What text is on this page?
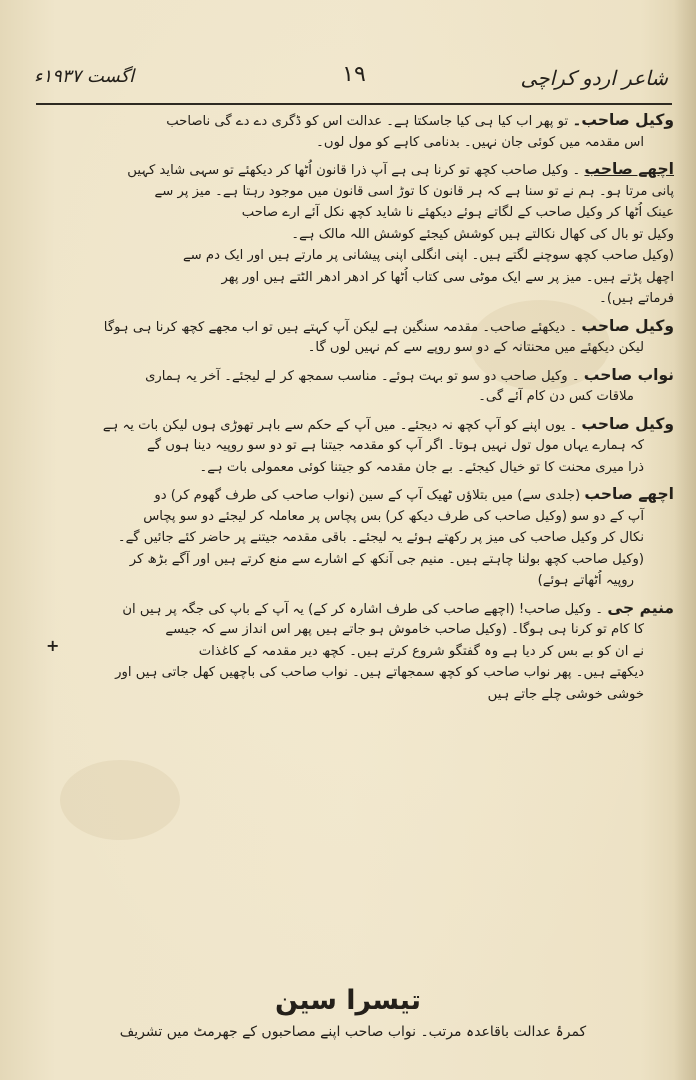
شاعر اردو کراچی
۱۹
اگست ۱۹۳۷ء
وکیل صاحب۔ تو پھر اب کیا ہی کیا جاسکتا ہے۔ عدالت اس کو ڈگری دے دے گی ناصاحب
اس مقدمہ میں کوئی جان نہیں۔ بدنامی کاہے کو مول لوں۔
اچھے صاحب ۔ وکیل صاحب کچھ تو کرنا ہی ہے آپ ذرا قانون اُٹھا کر دیکھئے تو سہی شاید کہیں
پانی مرتا ہو۔ ہم نے تو سنا ہے کہ ہر قانون کا توڑ اسی قانون میں موجود رہتا ہے۔ میز پر سے
عینک اُٹھا کر وکیل صاحب کے لگاتے ہوئے دیکھئے نا شاید کچھ نکل آئے ارے صاحب
وکیل تو بال کی کھال نکالتے ہیں کوشش کیجئے کوشش اللہ مالک ہے۔
(وکیل صاحب کچھ سوچنے لگتے ہیں۔ اپنی انگلی اپنی پیشانی پر مارتے ہیں اور ایک دم سے
اچھل پڑتے ہیں۔ میز پر سے ایک موٹی سی کتاب اُٹھا کر ادھر ادھر الٹتے ہیں اور پھر
فرماتے ہیں)۔
وکیل صاحب ۔ دیکھئے صاحب۔ مقدمہ سنگین ہے لیکن آپ کہتے ہیں تو اب مجھے کچھ کرنا ہی ہوگا
لیکن دیکھئے میں محنتانہ کے دو سو روپے سے کم نہیں لوں گا۔
نواب صاحب ۔ وکیل صاحب دو سو تو بہت ہوئے۔ مناسب سمجھ کر لے لیجئے۔ آخر یہ ہماری
ملاقات کس دن کام آئے گی۔
وکیل صاحب ۔ یوں اپنے کو آپ کچھ نہ دیجئے۔ میں آپ کے حکم سے باہر تھوڑی ہوں لیکن بات یہ ہے
کہ ہمارے یہاں مول تول نہیں ہوتا۔ اگر آپ کو مقدمہ جیتنا ہے تو دو سو روپیہ دینا ہوں گے
ذرا میری محنت کا تو خیال کیجئے۔ بے جان مقدمہ کو جیتنا کوئی معمولی بات ہے۔
اچھے صاحب (جلدی سے) میں بتلاؤں ٹھیک آپ کے سین (نواب صاحب کی طرف گھوم کر) دو
آپ کے دو سو (وکیل صاحب کی طرف دیکھ کر) بس پچاس پر معاملہ کر لیجئے دو سو پچاس
نکال کر وکیل صاحب کی میز پر رکھتے ہوئے یہ لیجئے۔ باقی مقدمہ جیتنے پر حاضر کئے جائیں گے۔
(وکیل صاحب کچھ بولنا چاہتے ہیں۔ منیم جی آنکھ کے اشارے سے منع کرتے ہیں اور آگے بڑھ کر
روپیہ اُٹھاتے ہوئے)
منیم جی ۔ وکیل صاحب! (اچھے صاحب کی طرف اشارہ کر کے) یہ آپ کے باپ کی جگہ پر ہیں ان
کا کام تو کرنا ہی ہوگا۔ (وکیل صاحب خاموش ہو جاتے ہیں پھر اس انداز سے کہ جیسے
نے ان کو بے بس کر دیا ہے وہ گفتگو شروع کرتے ہیں۔ کچھ دیر مقدمہ کے کاغذات
دیکھتے ہیں۔ پھر نواب صاحب کو کچھ سمجھاتے ہیں۔ نواب صاحب کی باچھیں کھل جاتی ہیں اور
خوشی خوشی چلے جاتے ہیں
+
تیسرا سین
کمرۂ عدالت باقاعدہ مرتب۔ نواب صاحب اپنے مصاحبوں کے جھرمٹ میں تشریف
